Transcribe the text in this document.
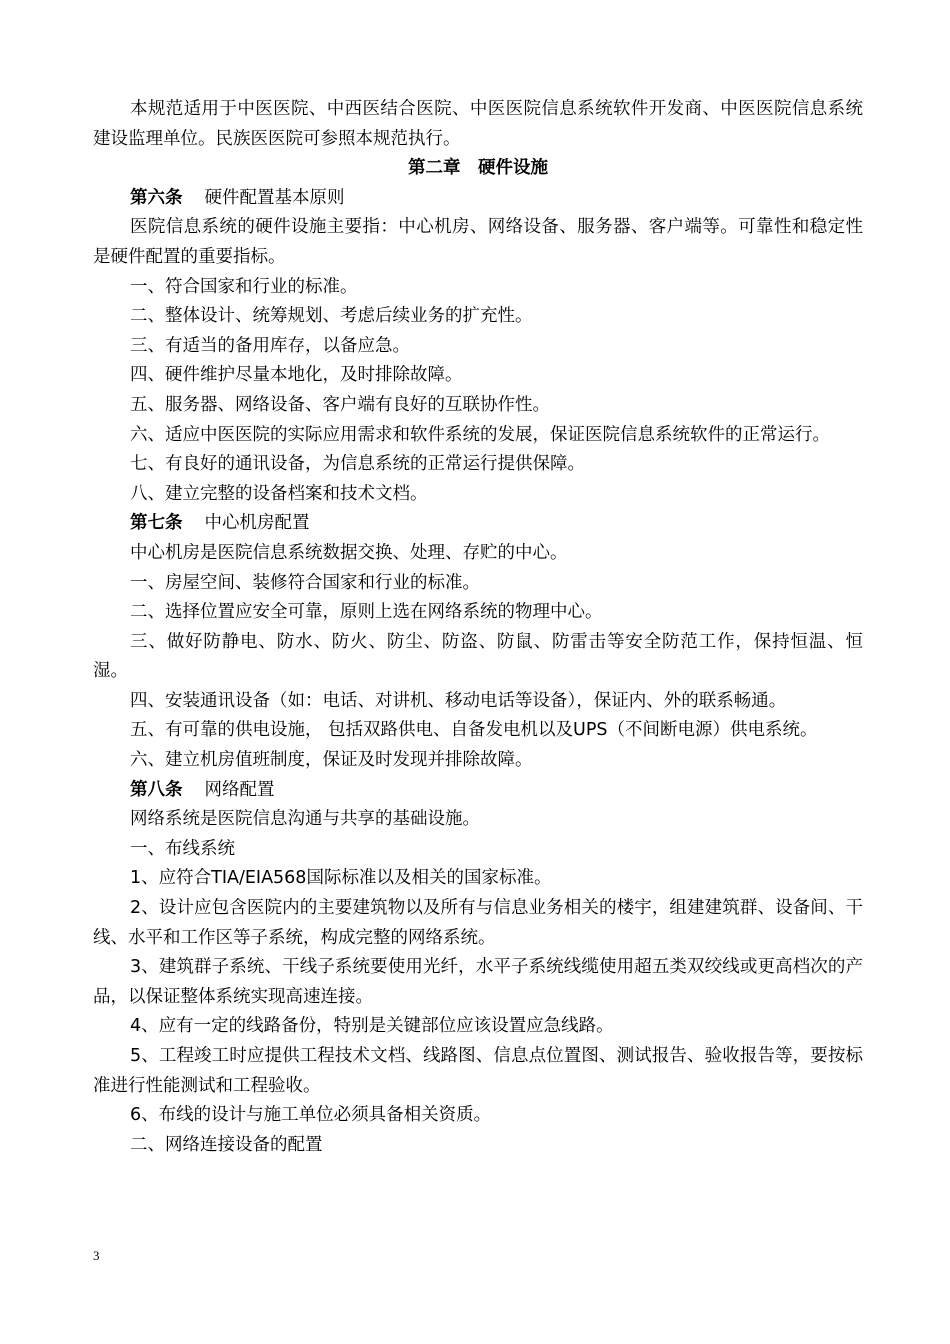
本规范适用于中医医院、中西医结合医院、中医医院信息系统软件开发商、中医医院信息系统建设监理单位。民族医医院可参照本规范执行。

第二章　硬件设施

第六条 硬件配置基本原则

医院信息系统的硬件设施主要指：中心机房、网络设备、服务器、客户端等。可靠性和稳定性是硬件配置的重要指标。

一、符合国家和行业的标准。

二、整体设计、统筹规划、考虑后续业务的扩充性。

三、有适当的备用库存，以备应急。

四、硬件维护尽量本地化，及时排除故障。

五、服务器、网络设备、客户端有良好的互联协作性。

六、适应中医医院的实际应用需求和软件系统的发展，保证医院信息系统软件的正常运行。

七、有良好的通讯设备，为信息系统的正常运行提供保障。

八、建立完整的设备档案和技术文档。

第七条 中心机房配置

中心机房是医院信息系统数据交换、处理、存贮的中心。

一、房屋空间、装修符合国家和行业的标准。

二、选择位置应安全可靠，原则上选在网络系统的物理中心。

三、做好防静电、防水、防火、防尘、防盗、防鼠、防雷击等安全防范工作，保持恒温、恒湿。

四、安装通讯设备（如：电话、对讲机、移动电话等设备），保证内、外的联系畅通。

五、有可靠的供电设施， 包括双路供电、自备发电机以及UPS（不间断电源）供电系统。

六、建立机房值班制度，保证及时发现并排除故障。

第八条 网络配置

网络系统是医院信息沟通与共享的基础设施。

一、布线系统

1、应符合TIA/EIA568国际标准以及相关的国家标准。

2、设计应包含医院内的主要建筑物以及所有与信息业务相关的楼宇，组建建筑群、设备间、干线、水平和工作区等子系统，构成完整的网络系统。

3、建筑群子系统、干线子系统要使用光纤，水平子系统线缆使用超五类双绞线或更高档次的产品，以保证整体系统实现高速连接。

4、应有一定的线路备份，特别是关键部位应该设置应急线路。

5、工程竣工时应提供工程技术文档、线路图、信息点位置图、测试报告、验收报告等，要按标准进行性能测试和工程验收。

6、布线的设计与施工单位必须具备相关资质。

二、网络连接设备的配置

3
